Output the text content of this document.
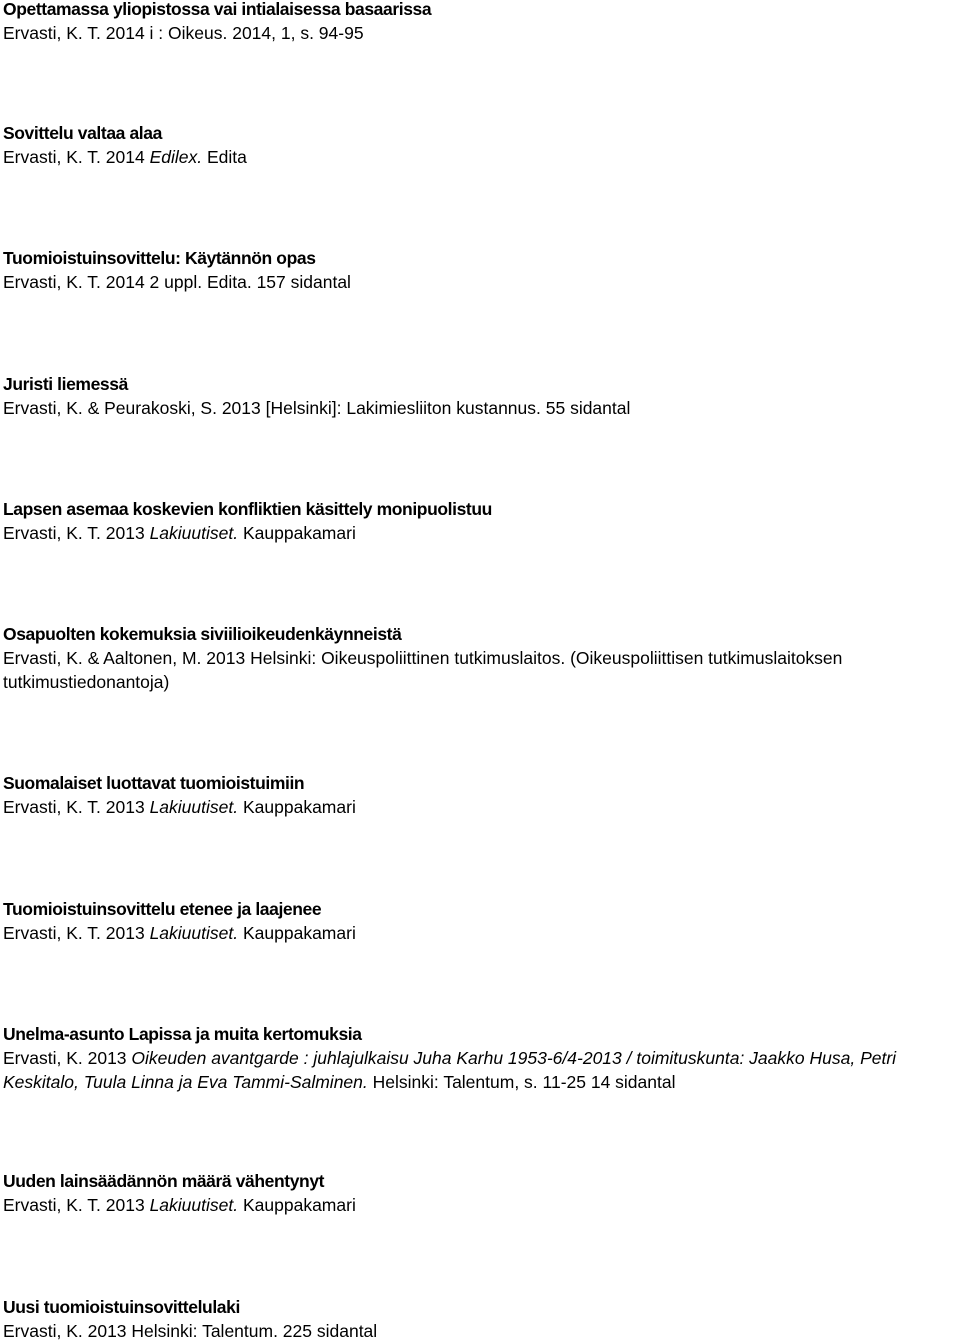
Opettamassa yliopistossa vai intialaisessa basaarissa
Ervasti, K. T. 2014 i : Oikeus. 2014, 1, s. 94-95
Sovittelu valtaa alaa
Ervasti, K. T. 2014 Edilex. Edita
Tuomioistuinsovittelu: Käytännön opas
Ervasti, K. T. 2014 2 uppl. Edita. 157 sidantal
Juristi liemessä
Ervasti, K. & Peurakoski, S. 2013 [Helsinki]: Lakimiesliiton kustannus. 55 sidantal
Lapsen asemaa koskevien konfliktien käsittely monipuolistuu
Ervasti, K. T. 2013 Lakiuutiset. Kauppakamari
Osapuolten kokemuksia siviilioikeudenkäynneistä
Ervasti, K. & Aaltonen, M. 2013 Helsinki: Oikeuspoliittinen tutkimuslaitos. (Oikeuspoliittisen tutkimuslaitoksen tutkimustiedonantoja)
Suomalaiset luottavat tuomioistuimiin
Ervasti, K. T. 2013 Lakiuutiset. Kauppakamari
Tuomioistuinsovittelu etenee ja laajenee
Ervasti, K. T. 2013 Lakiuutiset. Kauppakamari
Unelma-asunto Lapissa ja muita kertomuksia
Ervasti, K. 2013 Oikeuden avantgarde : juhlajulkaisu Juha Karhu 1953-6/4-2013 / toimituskunta: Jaakko Husa, Petri Keskitalo, Tuula Linna ja Eva Tammi-Salminen. Helsinki: Talentum, s. 11-25 14 sidantal
Uuden lainsäädännön määrä vähentynyt
Ervasti, K. T. 2013 Lakiuutiset. Kauppakamari
Uusi tuomioistuinsovittelulaki
Ervasti, K. 2013 Helsinki: Talentum. 225 sidantal
